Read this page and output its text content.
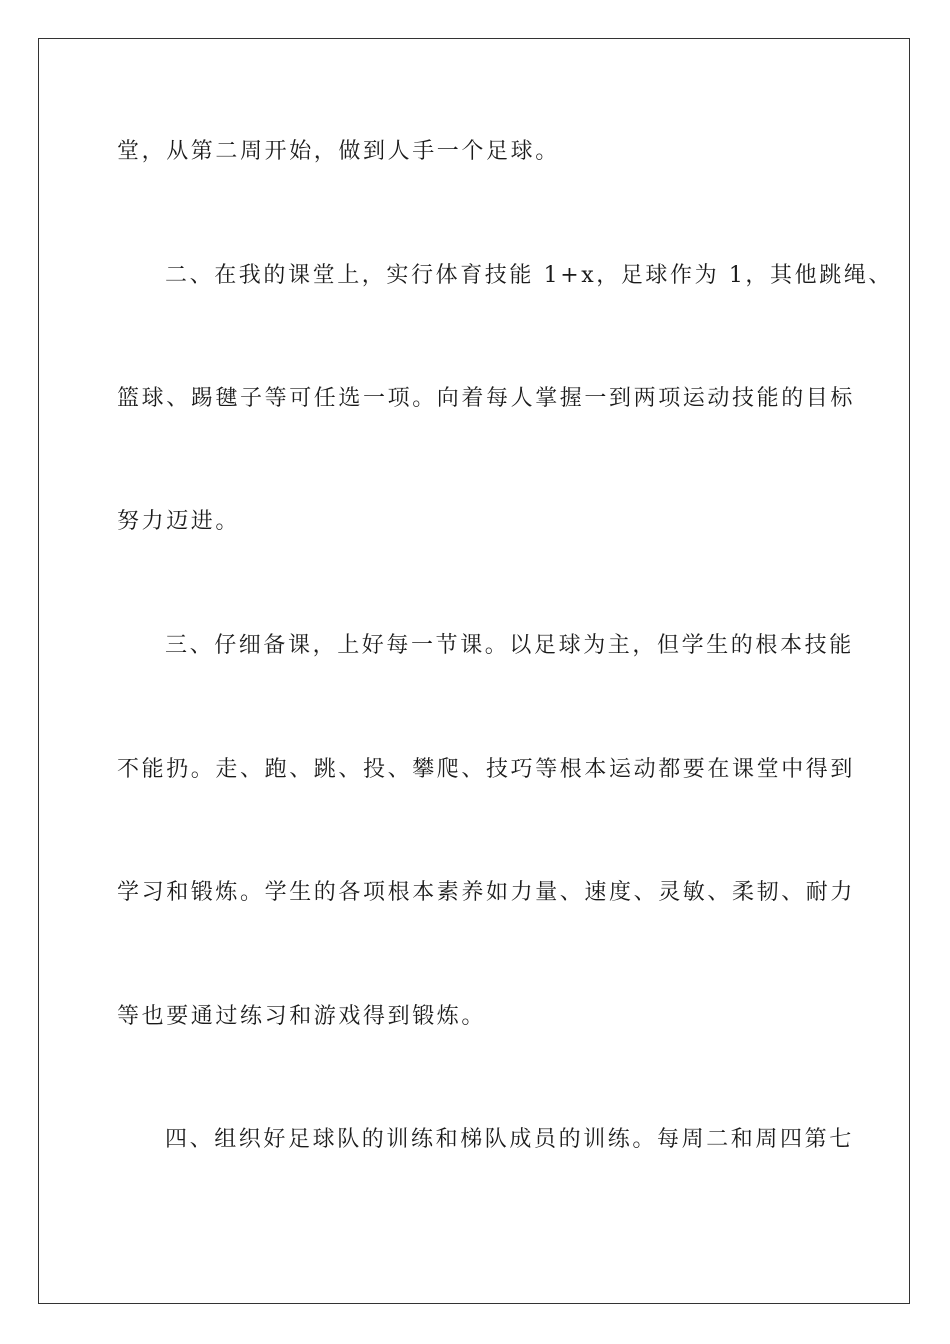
堂，从第二周开始，做到人手一个足球。
二、在我的课堂上，实行体育技能 1+x，足球作为 1，其他跳绳、
篮球、踢毽子等可任选一项。向着每人掌握一到两项运动技能的目标
努力迈进。
三、仔细备课，上好每一节课。以足球为主，但学生的根本技能
不能扔。走、跑、跳、投、攀爬、技巧等根本运动都要在课堂中得到
学习和锻炼。学生的各项根本素养如力量、速度、灵敏、柔韧、耐力
等也要通过练习和游戏得到锻炼。
四、组织好足球队的训练和梯队成员的训练。每周二和周四第七
